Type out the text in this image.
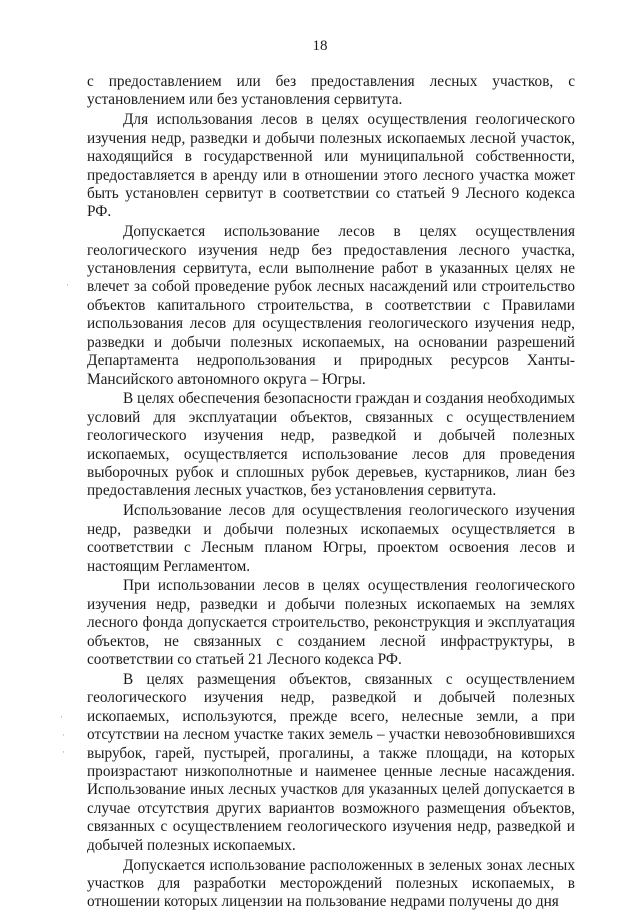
18

с предоставлением или без предоставления лесных участков, с установлением или без установления сервитута.

Для использования лесов в целях осуществления геологического изучения недр, разведки и добычи полезных ископаемых лесной участок, находящийся в государственной или муниципальной собственности, предоставляется в аренду или в отношении этого лесного участка может быть установлен сервитут в соответствии со статьей 9 Лесного кодекса РФ.

Допускается использование лесов в целях осуществления геологического изучения недр без предоставления лесного участка, установления сервитута, если выполнение работ в указанных целях не влечет за собой проведение рубок лесных насаждений или строительство объектов капитального строительства, в соответствии с Правилами использования лесов для осуществления геологического изучения недр, разведки и добычи полезных ископаемых, на основании разрешений Департамента недропользования и природных ресурсов Ханты-Мансийского автономного округа – Югры.

В целях обеспечения безопасности граждан и создания необходимых условий для эксплуатации объектов, связанных с осуществлением геологического изучения недр, разведкой и добычей полезных ископаемых, осуществляется использование лесов для проведения выборочных рубок и сплошных рубок деревьев, кустарников, лиан без предоставления лесных участков, без установления сервитута.

Использование лесов для осуществления геологического изучения недр, разведки и добычи полезных ископаемых осуществляется в соответствии с Лесным планом Югры, проектом освоения лесов и настоящим Регламентом.

При использовании лесов в целях осуществления геологического изучения недр, разведки и добычи полезных ископаемых на землях лесного фонда допускается строительство, реконструкция и эксплуатация объектов, не связанных с созданием лесной инфраструктуры, в соответствии со статьей 21 Лесного кодекса РФ.

В целях размещения объектов, связанных с осуществлением геологического изучения недр, разведкой и добычей полезных ископаемых, используются, прежде всего, нелесные земли, а при отсутствии на лесном участке таких земель – участки невозобновившихся вырубок, гарей, пустырей, прогалины, а также площади, на которых произрастают низкополнотные и наименее ценные лесные насаждения. Использование иных лесных участков для указанных целей допускается в случае отсутствия других вариантов возможного размещения объектов, связанных с осуществлением геологического изучения недр, разведкой и добычей полезных ископаемых.

Допускается использование расположенных в зеленых зонах лесных участков для разработки месторождений полезных ископаемых, в отношении которых лицензии на пользование недрами получены до дня

·
·
·
·
